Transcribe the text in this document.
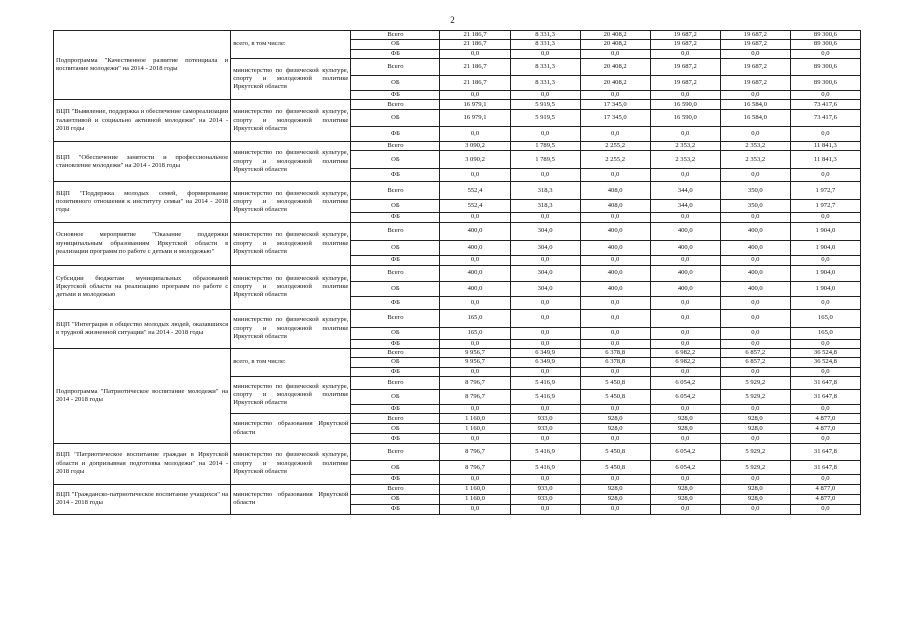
2
Подпрограмма "Качественное развитие потенциала и воспитание молодежи" на 2014 - 2018 годы	всего, в том числе:	Всего	21 186,7	8 331,3	20 408,2	19 687,2	19 687,2	89 300,6
		ОБ	21 186,7	8 331,3	20 408,2	19 687,2	19 687,2	89 300,6
		ФБ	0,0	0,0	0,0	0,0	0,0	0,0
	министерство по физической культуре, спорту и молодежной политике Иркутской области	Всего	21 186,7	8 331,3	20 408,2	19 687,2	19 687,2	89 300,6
		ОБ	21 186,7	8 331,3	20 408,2	19 687,2	19 687,2	89 300,6
		ФБ	0,0	0,0	0,0	0,0	0,0	0,0
ВЦП "Выявление, поддержка и обеспечение самореализации талантливой и социально активной молодежи" на 2014 - 2018 годы	министерство по физической культуре, спорту и молодежной политике Иркутской области	Всего	16 979,1	5 919,5	17 345,0	16 590,0	16 584,0	73 417,6
		ОБ	16 979,1	5 919,5	17 345,0	16 590,0	16 584,0	73 417,6
		ФБ	0,0	0,0	0,0	0,0	0,0	0,0
ВЦП "Обеспечение занятости и профессиональное становление молодежи" на 2014 - 2018 годы	министерство по физической культуре, спорту и молодежной политике Иркутской области	Всего	3 090,2	1 789,5	2 255,2	2 353,2	2 353,2	11 841,3
		ОБ	3 090,2	1 789,5	2 255,2	2 353,2	2 353,2	11 841,3
		ФБ	0,0	0,0	0,0	0,0	0,0	0,0
ВЦП "Поддержка молодых семей, формирование позитивного отношения к институту семьи" на 2014 - 2018 годы	министерство по физической культуре, спорту и молодежной политике Иркутской области	Всего	552,4	318,3	408,0	344,0	350,0	1 972,7
		ОБ	552,4	318,3	408,0	344,0	350,0	1 972,7
		ФБ	0,0	0,0	0,0	0,0	0,0	0,0
Основное мероприятие "Оказание поддержки муниципальным образованиям Иркутской области в реализации программ по работе с детьми и молодежью"	министерство по физической культуре, спорту и молодежной политике Иркутской области	Всего	400,0	304,0	400,0	400,0	400,0	1 904,0
		ОБ	400,0	304,0	400,0	400,0	400,0	1 904,0
		ФБ	0,0	0,0	0,0	0,0	0,0	0,0
Субсидии бюджетам муниципальных образований Иркутской области на реализацию программ по работе с детьми и молодежью	министерство по физической культуре, спорту и молодежной политике Иркутской области	Всего	400,0	304,0	400,0	400,0	400,0	1 904,0
		ОБ	400,0	304,0	400,0	400,0	400,0	1 904,0
		ФБ	0,0	0,0	0,0	0,0	0,0	0,0
ВЦП "Интеграция в общество молодых людей, оказавшихся в трудной жизненной ситуации" на 2014 - 2018 годы	министерство по физической культуре, спорту и молодежной политике Иркутской области	Всего	165,0	0,0	0,0	0,0	0,0	165,0
		ОБ	165,0	0,0	0,0	0,0	0,0	165,0
		ФБ	0,0	0,0	0,0	0,0	0,0	0,0
Подпрограмма "Патриотическое воспитание молодежи" на 2014 - 2018 годы	всего, в том числе:	Всего	9 956,7	6 349,9	6 378,8	6 982,2	6 857,2	36 524,8
		ОБ	9 956,7	6 349,9	6 378,8	6 982,2	6 857,2	36 524,8
		ФБ	0,0	0,0	0,0	0,0	0,0	0,0
	министерство по физической культуре, спорту и молодежной политике Иркутской области	Всего	8 796,7	5 416,9	5 450,8	6 054,2	5 929,2	31 647,8
		ОБ	8 796,7	5 416,9	5 450,8	6 054,2	5 929,2	31 647,8
		ФБ	0,0	0,0	0,0	0,0	0,0	0,0
	министерство образования Иркутской области	Всего	1 160,0	933,0	928,0	928,0	928,0	4 877,0
		ОБ	1 160,0	933,0	928,0	928,0	928,0	4 877,0
		ФБ	0,0	0,0	0,0	0,0	0,0	0,0
ВЦП "Патриотическое воспитание граждан в Иркутской области и допризывная подготовка молодежи" на 2014 - 2018 годы	министерство по физической культуре, спорту и молодежной политике Иркутской области	Всего	8 796,7	5 416,9	5 450,8	6 054,2	5 929,2	31 647,8
		ОБ	8 796,7	5 416,9	5 450,8	6 054,2	5 929,2	31 647,8
		ФБ	0,0	0,0	0,0	0,0	0,0	0,0
ВЦП "Гражданско-патриотическое воспитание учащихся" на 2014 - 2018 годы	министерство образования Иркутской области	Всего	1 160,0	933,0	928,0	928,0	928,0	4 877,0
		ОБ	1 160,0	933,0	928,0	928,0	928,0	4 877,0
		ФБ	0,0	0,0	0,0	0,0	0,0	0,0
